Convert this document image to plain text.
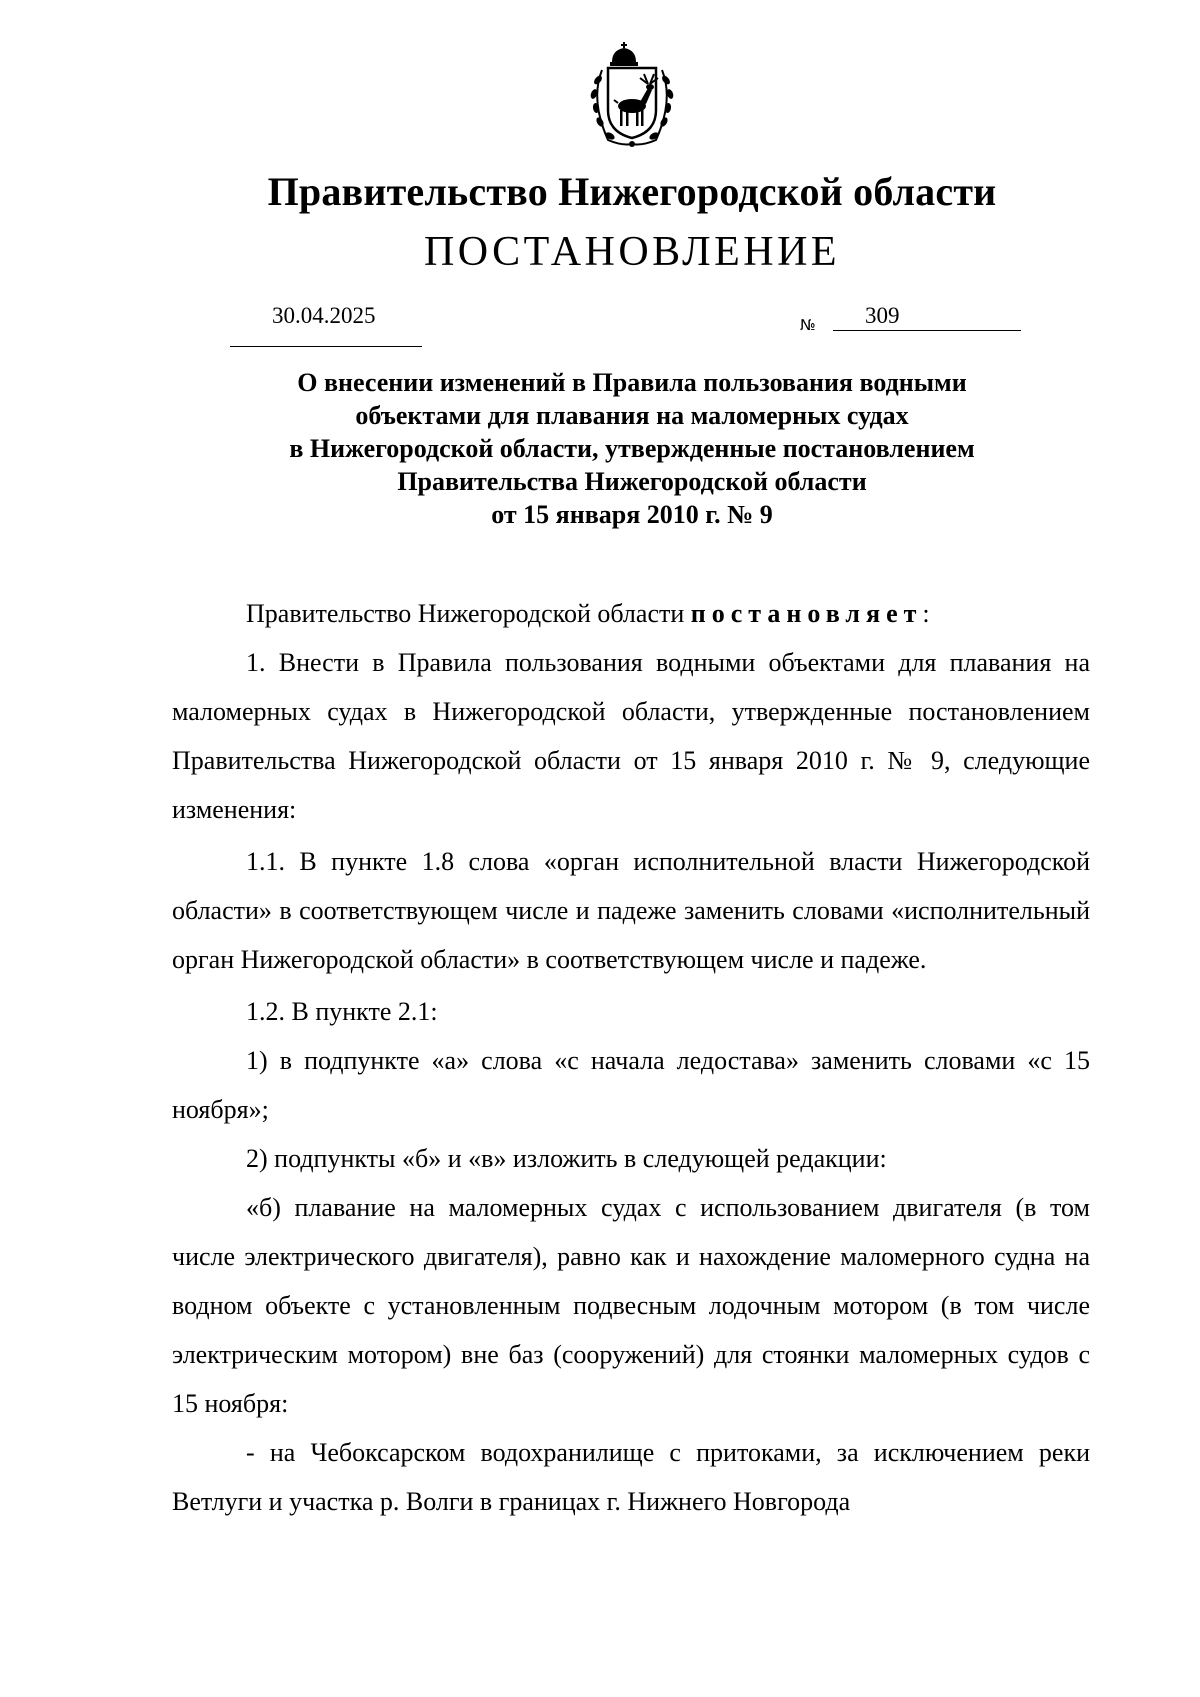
Правительство Нижегородской области
ПОСТАНОВЛЕНИЕ
30.04.2025	№ 309
О внесении изменений в Правила пользования водными
объектами для плавания на маломерных судах
в Нижегородской области, утвержденные постановлением
Правительства Нижегородской области
от 15 января 2010 г. № 9

Правительство Нижегородской области постановляет:

1. Внести в Правила пользования водными объектами для плавания на маломерных судах в Нижегородской области, утвержденные постановлением Правительства Нижегородской области от 15 января 2010 г. № 9, следующие изменения:

1.1. В пункте 1.8 слова «орган исполнительной власти Нижегородской области» в соответствующем числе и падеже заменить словами «исполнительный орган Нижегородской области» в соответствующем числе и падеже.

1.2. В пункте 2.1:

1) в подпункте «а» слова «с начала ледостава» заменить словами «с 15 ноября»;

2) подпункты «б» и «в» изложить в следующей редакции:

«б) плавание на маломерных судах с использованием двигателя (в том числе электрического двигателя), равно как и нахождение маломерного судна на водном объекте с установленным подвесным лодочным мотором (в том числе электрическим мотором) вне баз (сооружений) для стоянки маломерных судов с 15 ноября:

- на Чебоксарском водохранилище с притоками, за исключением реки Ветлуги и участка р. Волги в границах г. Нижнего Новгорода
